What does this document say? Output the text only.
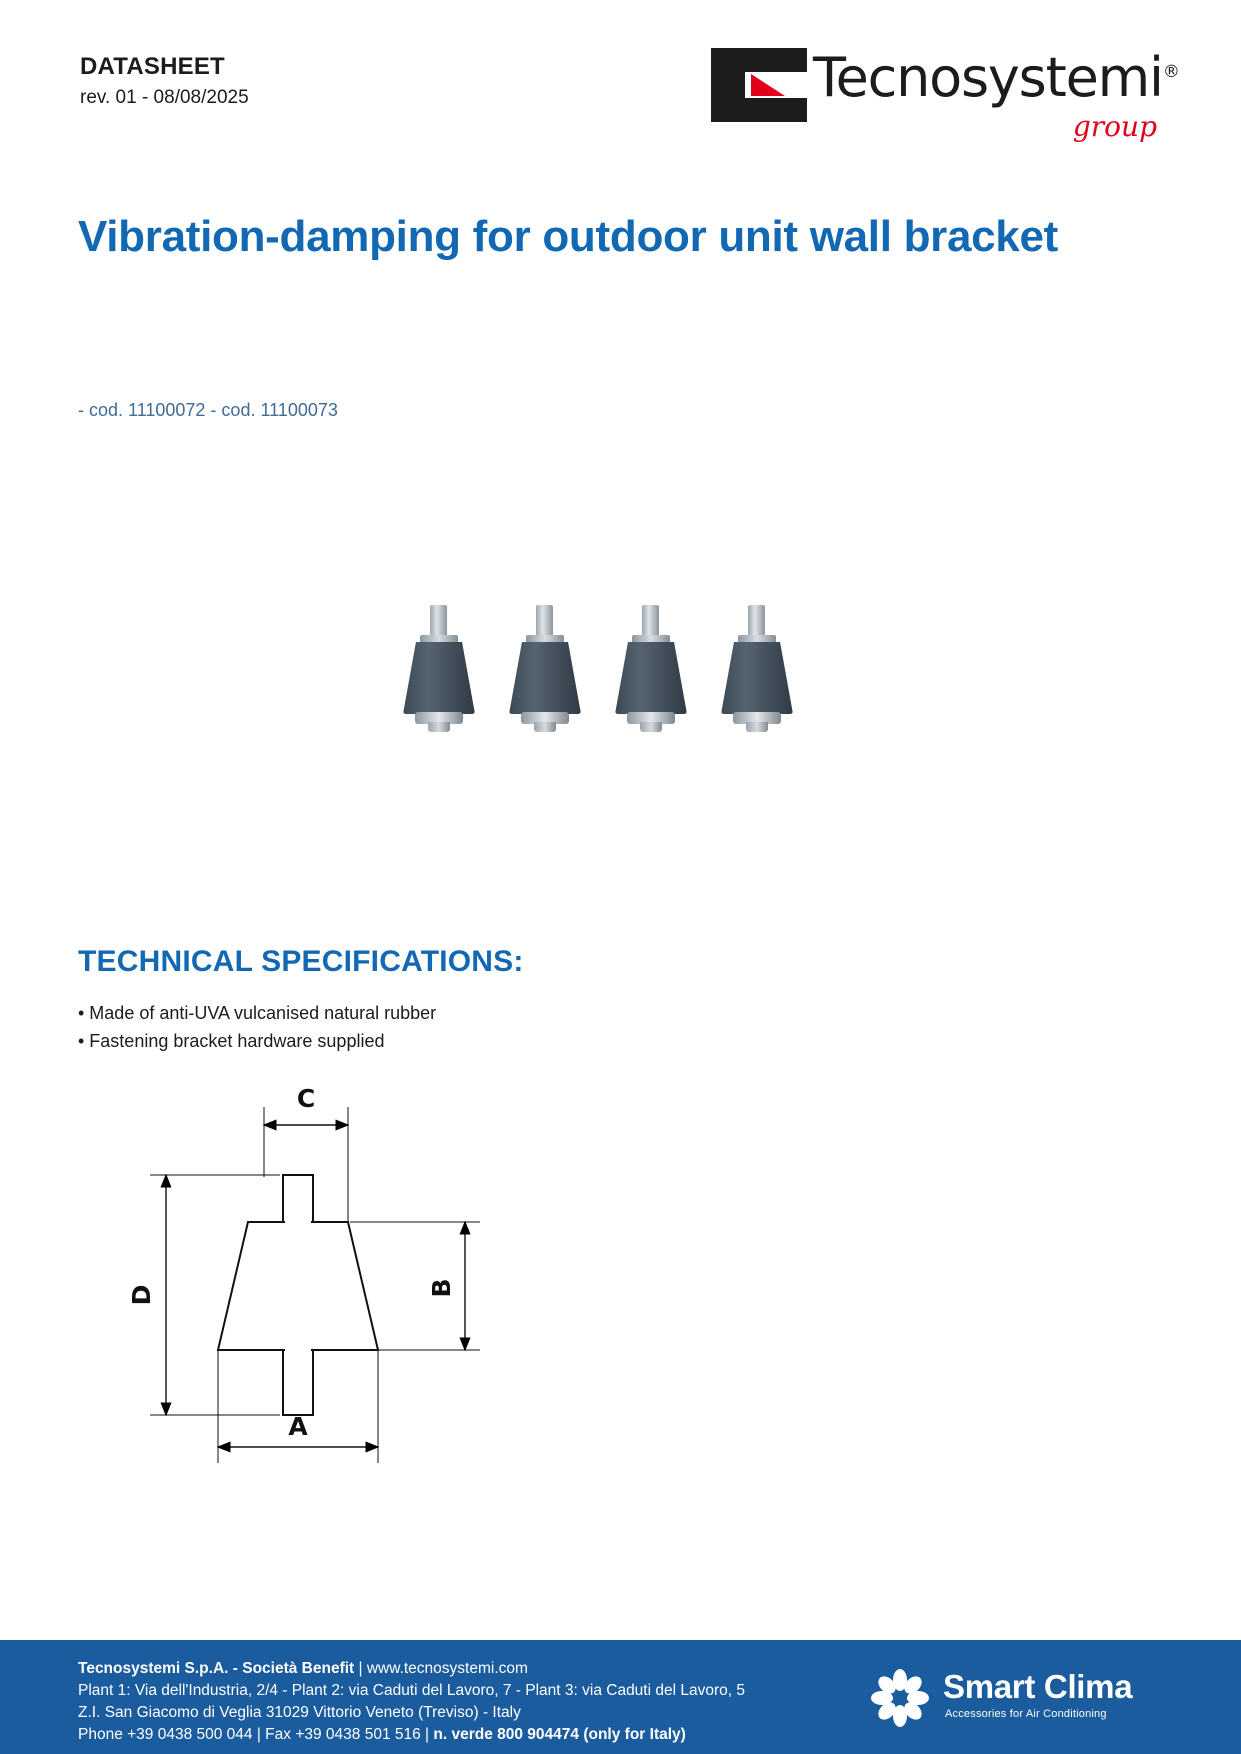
DATASHEET
rev. 01 - 08/08/2025	Tecnosystemi®
group
Vibration-damping for outdoor unit wall bracket
- cod. 11100072 - cod. 11100073
TECHNICAL SPECIFICATIONS:
• Made of anti-UVA vulcanised natural rubber
• Fastening bracket hardware supplied
C
D	B
A
Tecnosystemi S.p.A. - Società Benefit | www.tecnosystemi.com
Plant 1: Via dell'Industria, 2/4 - Plant 2: via Caduti del Lavoro, 7 - Plant 3: via Caduti del Lavoro, 5
Z.I. San Giacomo di Veglia 31029 Vittorio Veneto (Treviso) - Italy
Phone +39 0438 500 044 | Fax +39 0438 501 516 | n. verde 800 904474 (only for Italy)
Smart Clima
Accessories for Air Conditioning
